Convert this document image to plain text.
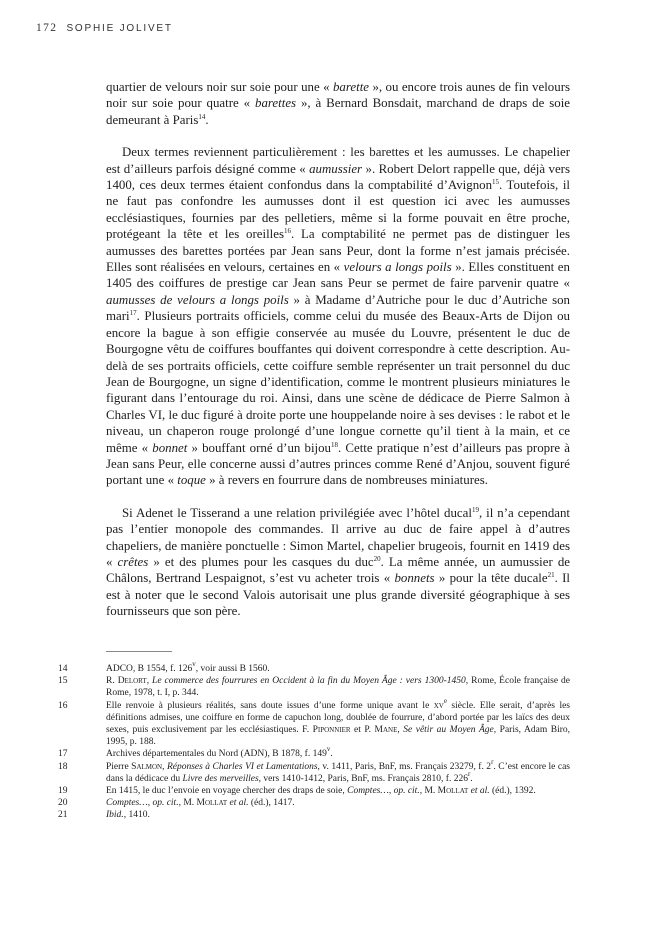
172 SOPHIE JOLIVET

quartier de velours noir sur soie pour une « barette », ou encore trois aunes de fin velours noir sur soie pour quatre « barettes », à Bernard Bonsdait, marchand de draps de soie demeurant à Paris$^{14}$.

Deux termes reviennent particulièrement : les barettes et les aumusses. Le chapelier est d’ailleurs parfois désigné comme « aumussier ». Robert Delort rappelle que, déjà vers 1400, ces deux termes étaient confondus dans la comptabilité d’Avignon$^{15}$. Toutefois, il ne faut pas confondre les aumusses dont il est question ici avec les aumusses ecclésiastiques, fournies par des pelletiers, même si la forme pouvait en être proche, protégeant la tête et les oreilles$^{16}$. La comptabilité ne permet pas de distinguer les aumusses des barettes portées par Jean sans Peur, dont la forme n’est jamais précisée. Elles sont réalisées en velours, certaines en « velours a longs poils ». Elles constituent en 1405 des coiffures de prestige car Jean sans Peur se permet de faire parvenir quatre « aumusses de velours a longs poils » à Madame d’Autriche pour le duc d’Autriche son mari$^{17}$. Plusieurs portraits officiels, comme celui du musée des Beaux-Arts de Dijon ou encore la bague à son effigie conservée au musée du Louvre, présentent le duc de Bourgogne vêtu de coiffures bouffantes qui doivent correspondre à cette description. Au-delà de ses portraits officiels, cette coiffure semble représenter un trait personnel du duc Jean de Bourgogne, un signe d’identification, comme le montrent plusieurs miniatures le figurant dans l’entourage du roi. Ainsi, dans une scène de dédicace de Pierre Salmon à Charles VI, le duc figuré à droite porte une houppelande noire à ses devises : le rabot et le niveau, un chaperon rouge prolongé d’une longue cornette qu’il tient à la main, et ce même « bonnet » bouffant orné d’un bijou$^{18}$. Cette pratique n’est d’ailleurs pas propre à Jean sans Peur, elle concerne aussi d’autres princes comme René d’Anjou, souvent figuré portant une « toque » à revers en fourrure dans de nombreuses miniatures.

Si Adenet le Tisserand a une relation privilégiée avec l’hôtel ducal$^{19}$, il n’a cependant pas l’entier monopole des commandes. Il arrive au duc de faire appel à d’autres chapeliers, de manière ponctuelle : Simon Martel, chapelier brugeois, fournit en 1419 des « crêtes » et des plumes pour les casques du duc$^{20}$. La même année, un aumussier de Châlons, Bertrand Lespaignot, s’est vu acheter trois « bonnets » pour la tête ducale$^{21}$. Il est à noter que le second Valois autorisait une plus grande diversité géographique à ses fournisseurs que son père.

14	ADCO, B 1554, f. 126$^v$, voir aussi B 1560.
15	R. Delort, Le commerce des fourrures en Occident à la fin du Moyen Âge : vers 1300-1450, Rome, École française de Rome, 1978, t. I, p. 344.
16	Elle renvoie à plusieurs réalités, sans doute issues d’une forme unique avant le $xv^e$ siècle. Elle serait, d’après les définitions admises, une coiffure en forme de capuchon long, doublée de fourrure, d’abord portée par les laïcs des deux sexes, puis exclusivement par les ecclésiastiques. F. Piponnier et P. Mane, Se vêtir au Moyen Âge, Paris, Adam Biro, 1995, p. 188.
17	Archives départementales du Nord (ADN), B 1878, f. 149$^v$.
18	Pierre Salmon, Réponses à Charles VI et Lamentations, v. 1411, Paris, BnF, ms. Français 23279, f. 2$^r$. C’est encore le cas dans la dédicace du Livre des merveilles, vers 1410-1412, Paris, BnF, ms. Français 2810, f. 226$^r$.
19	En 1415, le duc l’envoie en voyage chercher des draps de soie, Comptes…, op. cit., M. Mollat et al. (éd.), 1392.
20	Comptes…, op. cit., M. Mollat et al. (éd.), 1417.
21	Ibid., 1410.
